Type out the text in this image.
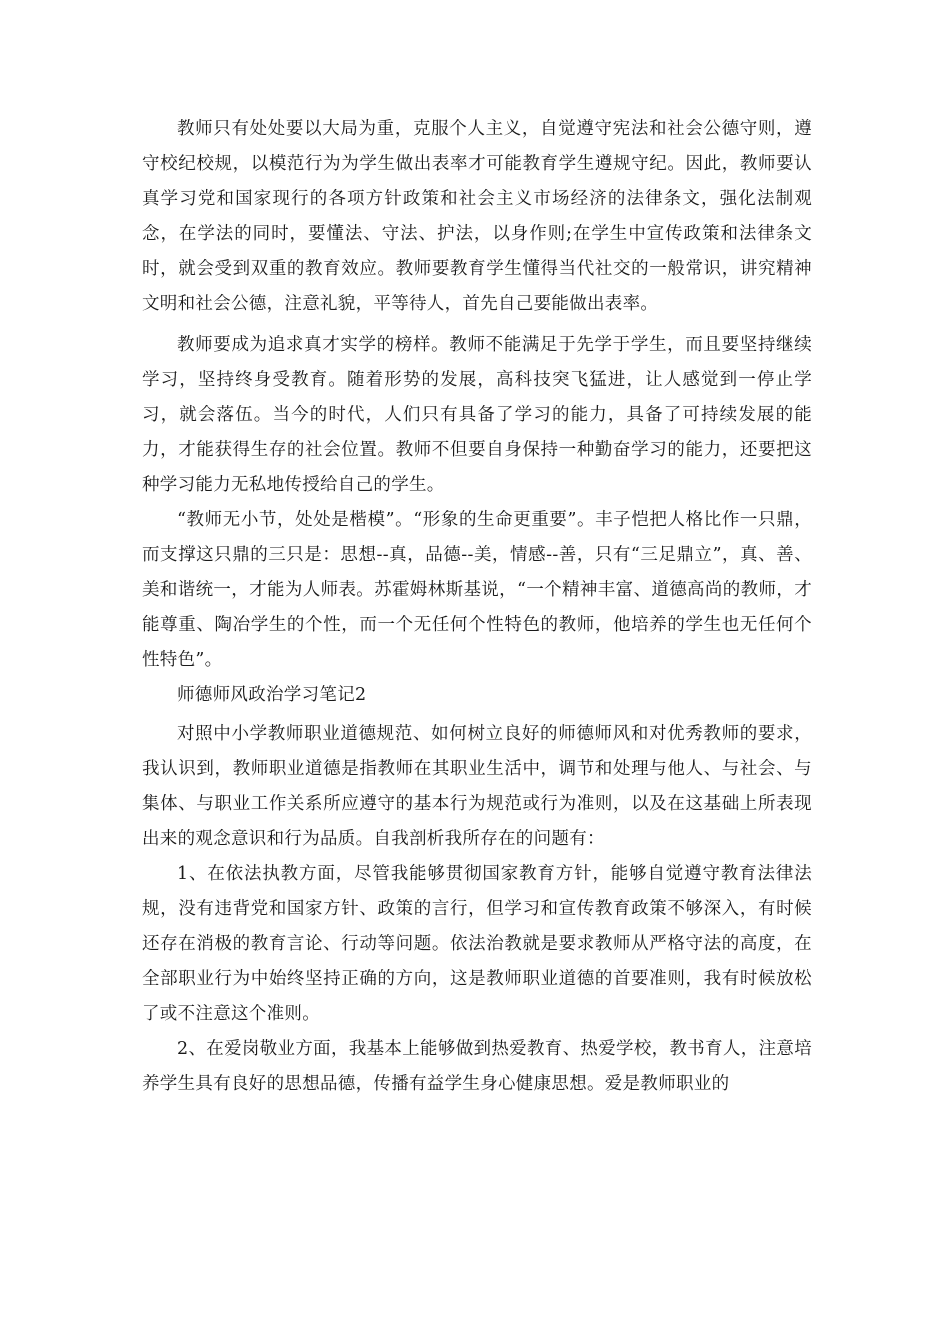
教师只有处处要以大局为重，克服个人主义，自觉遵守宪法和社会公德守则，遵守校纪校规，以模范行为为学生做出表率才可能教育学生遵规守纪。因此，教师要认真学习党和国家现行的各项方针政策和社会主义市场经济的法律条文，强化法制观念，在学法的同时，要懂法、守法、护法，以身作则;在学生中宣传政策和法律条文时，就会受到双重的教育效应。教师要教育学生懂得当代社交的一般常识，讲究精神文明和社会公德，注意礼貌，平等待人，首先自己要能做出表率。

教师要成为追求真才实学的榜样。教师不能满足于先学于学生，而且要坚持继续学习，坚持终身受教育。随着形势的发展，高科技突飞猛进，让人感觉到一停止学习，就会落伍。当今的时代，人们只有具备了学习的能力，具备了可持续发展的能力，才能获得生存的社会位置。教师不但要自身保持一种勤奋学习的能力，还要把这种学习能力无私地传授给自己的学生。

“教师无小节，处处是楷模”。“形象的生命更重要”。丰子恺把人格比作一只鼎，而支撑这只鼎的三只是：思想--真，品德--美，情感--善，只有“三足鼎立”，真、善、美和谐统一，才能为人师表。苏霍姆林斯基说，“一个精神丰富、道德高尚的教师，才能尊重、陶冶学生的个性，而一个无任何个性特色的教师，他培养的学生也无任何个性特色”。

师德师风政治学习笔记2

对照中小学教师职业道德规范、如何树立良好的师德师风和对优秀教师的要求，我认识到，教师职业道德是指教师在其职业生活中，调节和处理与他人、与社会、与集体、与职业工作关系所应遵守的基本行为规范或行为准则，以及在这基础上所表现出来的观念意识和行为品质。自我剖析我所存在的问题有：

1、在依法执教方面，尽管我能够贯彻国家教育方针，能够自觉遵守教育法律法规，没有违背党和国家方针、政策的言行，但学习和宣传教育政策不够深入，有时候还存在消极的教育言论、行动等问题。依法治教就是要求教师从严格守法的高度，在全部职业行为中始终坚持正确的方向，这是教师职业道德的首要准则，我有时候放松了或不注意这个准则。

2、在爱岗敬业方面，我基本上能够做到热爱教育、热爱学校，教书育人，注意培养学生具有良好的思想品德，传播有益学生身心健康思想。爱是教师职业的
